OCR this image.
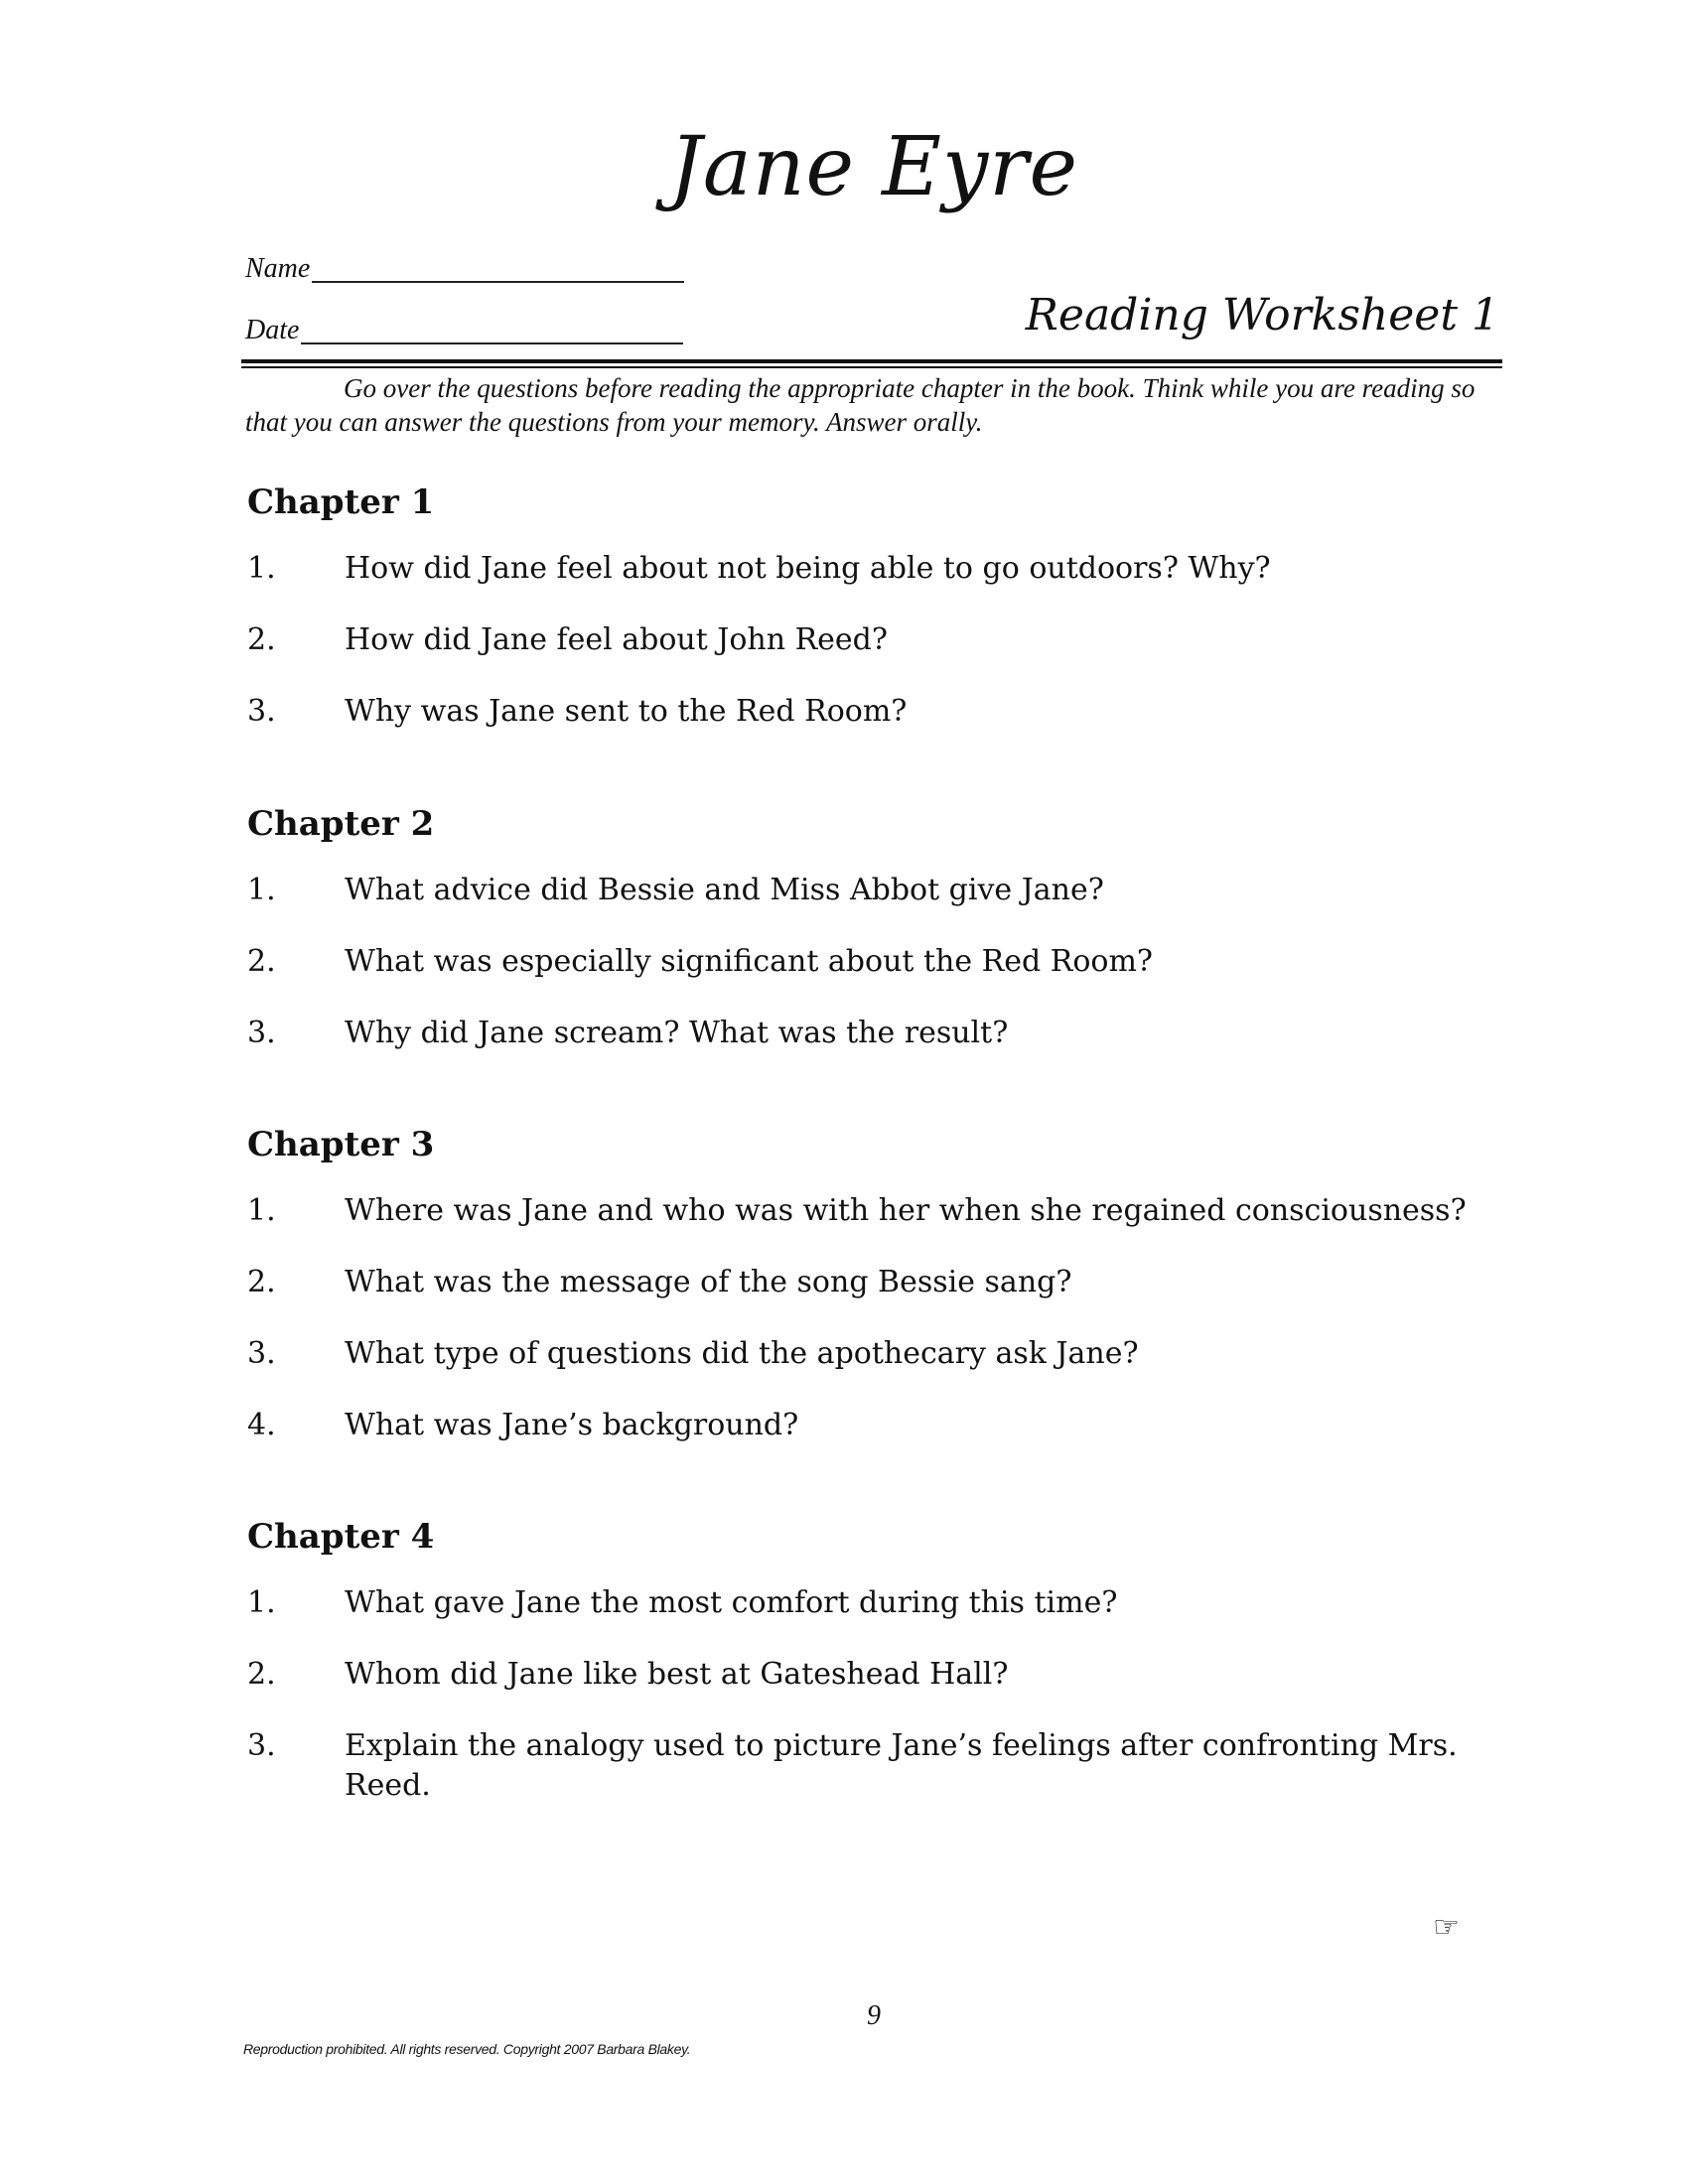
Jane Eyre
Name
Date	Reading Worksheet 1
Go over the questions before reading the appropriate chapter in the book. Think while you are reading so that you can answer the questions from your memory. Answer orally.
Chapter 1
1.	How did Jane feel about not being able to go outdoors? Why?
2.	How did Jane feel about John Reed?
3.	Why was Jane sent to the Red Room?
Chapter 2
1.	What advice did Bessie and Miss Abbot give Jane?
2.	What was especially significant about the Red Room?
3.	Why did Jane scream? What was the result?
Chapter 3
1.	Where was Jane and who was with her when she regained consciousness?
2.	What was the message of the song Bessie sang?
3.	What type of questions did the apothecary ask Jane?
4.	What was Jane’s background?
Chapter 4
1.	What gave Jane the most comfort during this time?
2.	Whom did Jane like best at Gateshead Hall?
3.	Explain the analogy used to picture Jane’s feelings after confronting Mrs. Reed.
☞
9
Reproduction prohibited. All rights reserved. Copyright 2007 Barbara Blakey.
